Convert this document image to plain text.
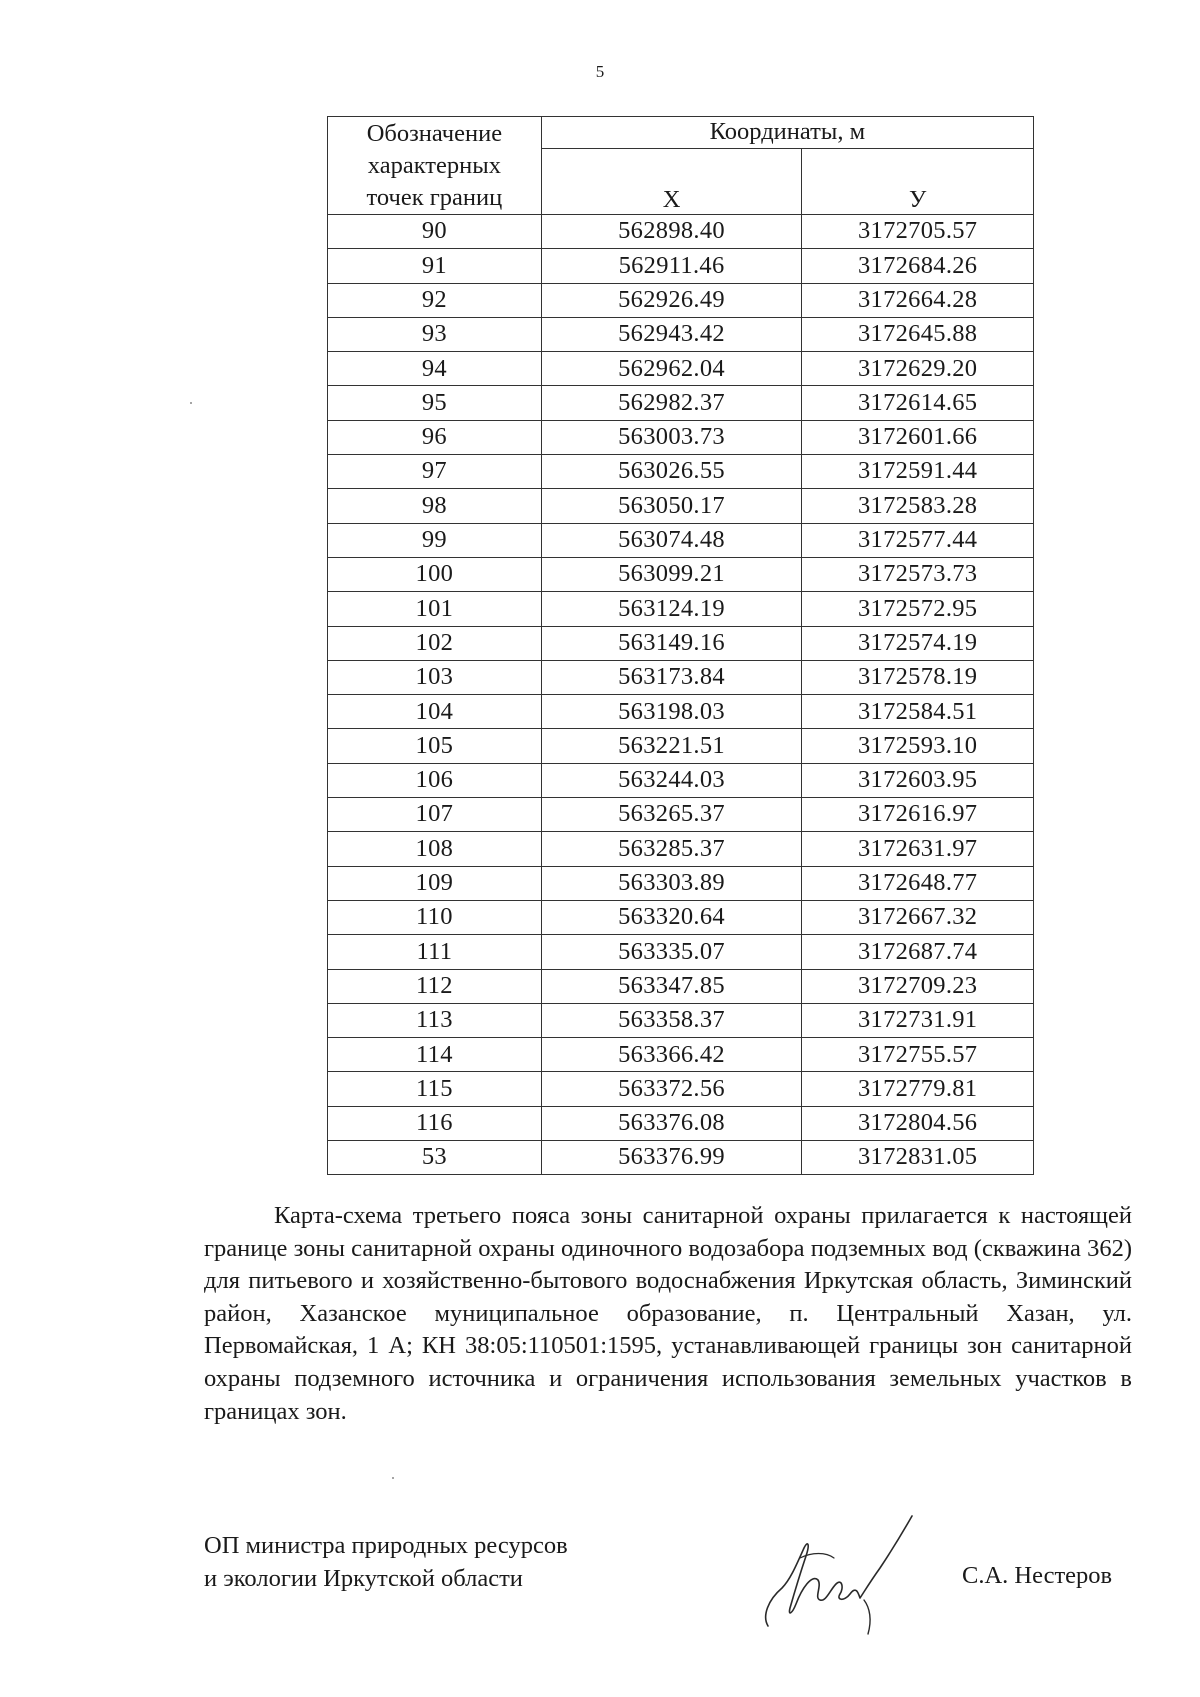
5
Обозначение
характерных
точек границ	Координаты, м	
	Х	У
90	562898.40	3172705.57
91	562911.46	3172684.26
92	562926.49	3172664.28
93	562943.42	3172645.88
94	562962.04	3172629.20
95	562982.37	3172614.65
96	563003.73	3172601.66
97	563026.55	3172591.44
98	563050.17	3172583.28
99	563074.48	3172577.44
100	563099.21	3172573.73
101	563124.19	3172572.95
102	563149.16	3172574.19
103	563173.84	3172578.19
104	563198.03	3172584.51
105	563221.51	3172593.10
106	563244.03	3172603.95
107	563265.37	3172616.97
108	563285.37	3172631.97
109	563303.89	3172648.77
110	563320.64	3172667.32
111	563335.07	3172687.74
112	563347.85	3172709.23
113	563358.37	3172731.91
114	563366.42	3172755.57
115	563372.56	3172779.81
116	563376.08	3172804.56
53	563376.99	3172831.05

Карта-схема третьего пояса зоны санитарной охраны прилагается к настоящей границе зоны санитарной охраны одиночного водозабора подземных вод (скважина 362) для питьевого и хозяйственно-бытового водоснабжения Иркутская область, Зиминский район, Хазанское муниципальное образование, п. Центральный Хазан, ул. Первомайская, 1 А; КН 38:05:110501:1595, устанавливающей границы зон санитарной охраны подземного источника и ограничения использования земельных участков в границах зон.

ОП министра природных ресурсов
и экологии Иркутской области	С.А. Нестеров
